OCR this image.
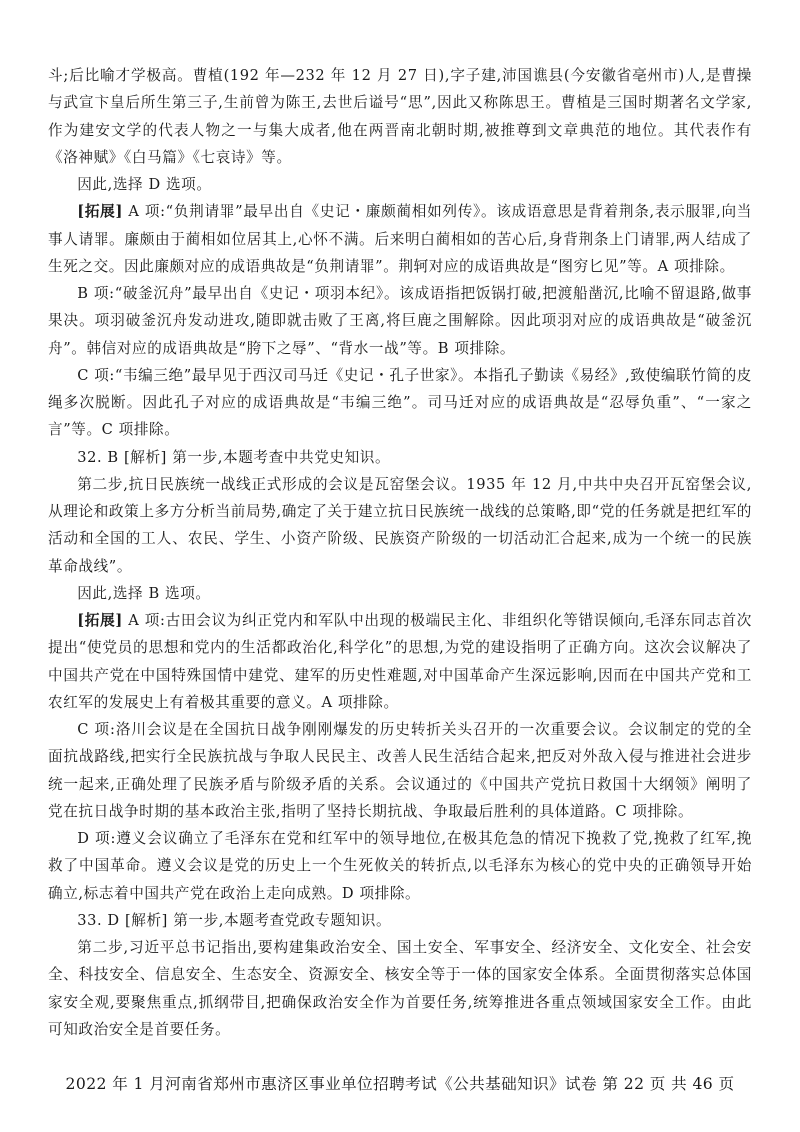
斗;后比喻才学极高。曹植(192 年—232 年 12 月 27 日),字子建,沛国谯县(今安徽省亳州市)人,是曹操与武宣卞皇后所生第三子,生前曾为陈王,去世后谥号“思”,因此又称陈思王。曹植是三国时期著名文学家,作为建安文学的代表人物之一与集大成者,他在两晋南北朝时期,被推尊到文章典范的地位。其代表作有《洛神赋》《白马篇》《七哀诗》等。

因此,选择 D 选项。

[拓展] A 项:“负荆请罪”最早出自《史记・廉颇蔺相如列传》。该成语意思是背着荆条,表示服罪,向当事人请罪。廉颇由于蔺相如位居其上,心怀不满。后来明白蔺相如的苦心后,身背荆条上门请罪,两人结成了生死之交。因此廉颇对应的成语典故是“负荆请罪”。荆轲对应的成语典故是“图穷匕见”等。A 项排除。

B 项:“破釜沉舟”最早出自《史记・项羽本纪》。该成语指把饭锅打破,把渡船凿沉,比喻不留退路,做事果决。项羽破釜沉舟发动进攻,随即就击败了王离,将巨鹿之围解除。因此项羽对应的成语典故是“破釜沉舟”。韩信对应的成语典故是“胯下之辱”、“背水一战”等。B 项排除。

C 项:“韦编三绝”最早见于西汉司马迁《史记・孔子世家》。本指孔子勤读《易经》,致使编联竹简的皮绳多次脱断。因此孔子对应的成语典故是“韦编三绝”。司马迁对应的成语典故是“忍辱负重”、“一家之言”等。C 项排除。

32. B [解析] 第一步,本题考查中共党史知识。

第二步,抗日民族统一战线正式形成的会议是瓦窑堡会议。1935 年 12 月,中共中央召开瓦窑堡会议,从理论和政策上多方分析当前局势,确定了关于建立抗日民族统一战线的总策略,即“党的任务就是把红军的活动和全国的工人、农民、学生、小资产阶级、民族资产阶级的一切活动汇合起来,成为一个统一的民族革命战线”。

因此,选择 B 选项。

[拓展] A 项:古田会议为纠正党内和军队中出现的极端民主化、非组织化等错误倾向,毛泽东同志首次提出“使党员的思想和党内的生活都政治化,科学化”的思想,为党的建设指明了正确方向。这次会议解决了中国共产党在中国特殊国情中建党、建军的历史性难题,对中国革命产生深远影响,因而在中国共产党和工农红军的发展史上有着极其重要的意义。A 项排除。

C 项:洛川会议是在全国抗日战争刚刚爆发的历史转折关头召开的一次重要会议。会议制定的党的全面抗战路线,把实行全民族抗战与争取人民民主、改善人民生活结合起来,把反对外敌入侵与推进社会进步统一起来,正确处理了民族矛盾与阶级矛盾的关系。会议通过的《中国共产党抗日救国十大纲领》阐明了党在抗日战争时期的基本政治主张,指明了坚持长期抗战、争取最后胜利的具体道路。C 项排除。

D 项:遵义会议确立了毛泽东在党和红军中的领导地位,在极其危急的情况下挽救了党,挽救了红军,挽救了中国革命。遵义会议是党的历史上一个生死攸关的转折点,以毛泽东为核心的党中央的正确领导开始确立,标志着中国共产党在政治上走向成熟。D 项排除。

33. D [解析] 第一步,本题考查党政专题知识。

第二步,习近平总书记指出,要构建集政治安全、国土安全、军事安全、经济安全、文化安全、社会安全、科技安全、信息安全、生态安全、资源安全、核安全等于一体的国家安全体系。全面贯彻落实总体国家安全观,要聚焦重点,抓纲带目,把确保政治安全作为首要任务,统筹推进各重点领域国家安全工作。由此可知政治安全是首要任务。

2022 年 1 月河南省郑州市惠济区事业单位招聘考试《公共基础知识》试卷 第 22 页 共 46 页
